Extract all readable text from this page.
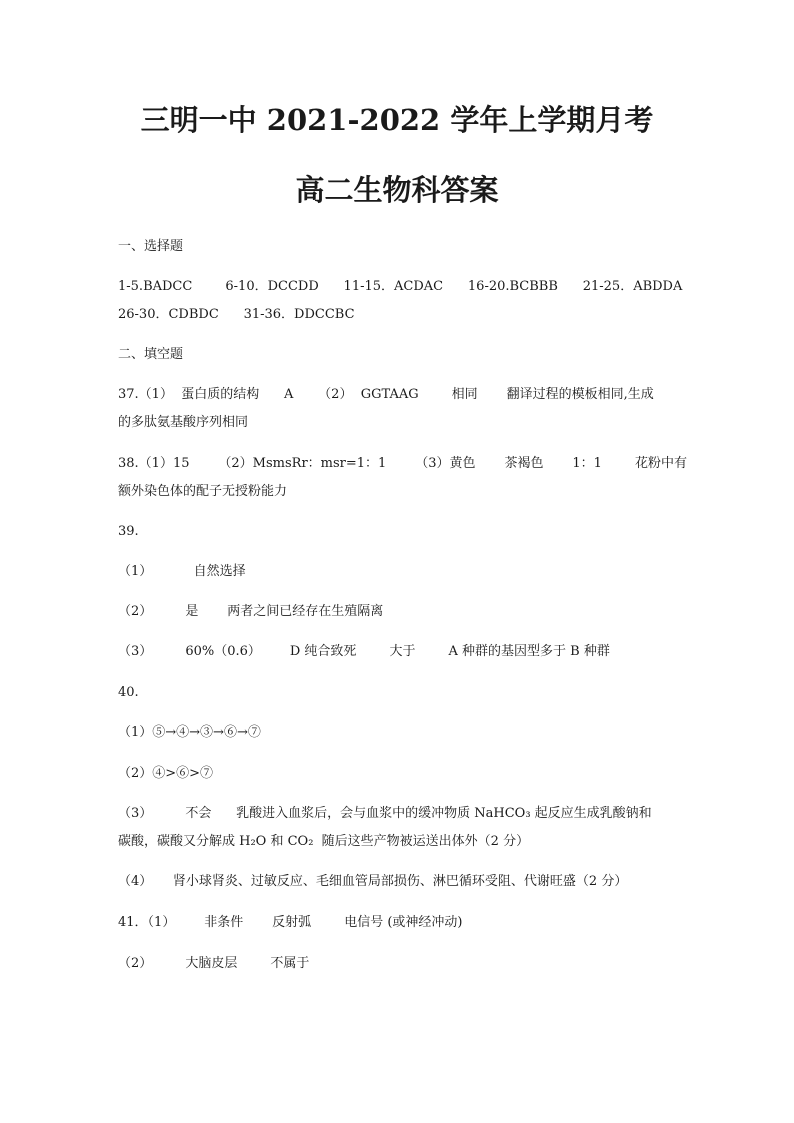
三明一中 2021-2022 学年上学期月考
高二生物科答案
一、选择题
1-5.BADCC        6-10．DCCDD      11-15．ACDAC      16-20.BCBBB      21-25．ABDDA
26-30．CDBDC      31-36．DDCCBC
二、填空题
37.（1）  蛋白质的结构      A      （2）  GGTAAG        相同       翻译过程的模板相同,生成
的多肽氨基酸序列相同
38.（1）15       （2）MsmsRr：msr=1：1       （3）黄色       茶褐色       1：1        花粉中有
额外染色体的配子无授粉能力
39.
（1）          自然选择
（2）        是       两者之间已经存在生殖隔离
（3）        60%（0.6）       D 纯合致死        大于        A 种群的基因型多于 B 种群
40.
（1）⑤→④→③→⑥→⑦
（2）④>⑥>⑦
（3）        不会      乳酸进入血浆后，会与血浆中的缓冲物质 NaHCO₃ 起反应生成乳酸钠和
碳酸，碳酸又分解成 H₂O 和 CO₂  随后这些产物被运送出体外（2 分）
（4）     肾小球肾炎、过敏反应、毛细血管局部损伤、淋巴循环受阻、代谢旺盛（2 分）
41．（1）       非条件       反射弧        电信号 (或神经冲动)
（2）        大脑皮层        不属于
